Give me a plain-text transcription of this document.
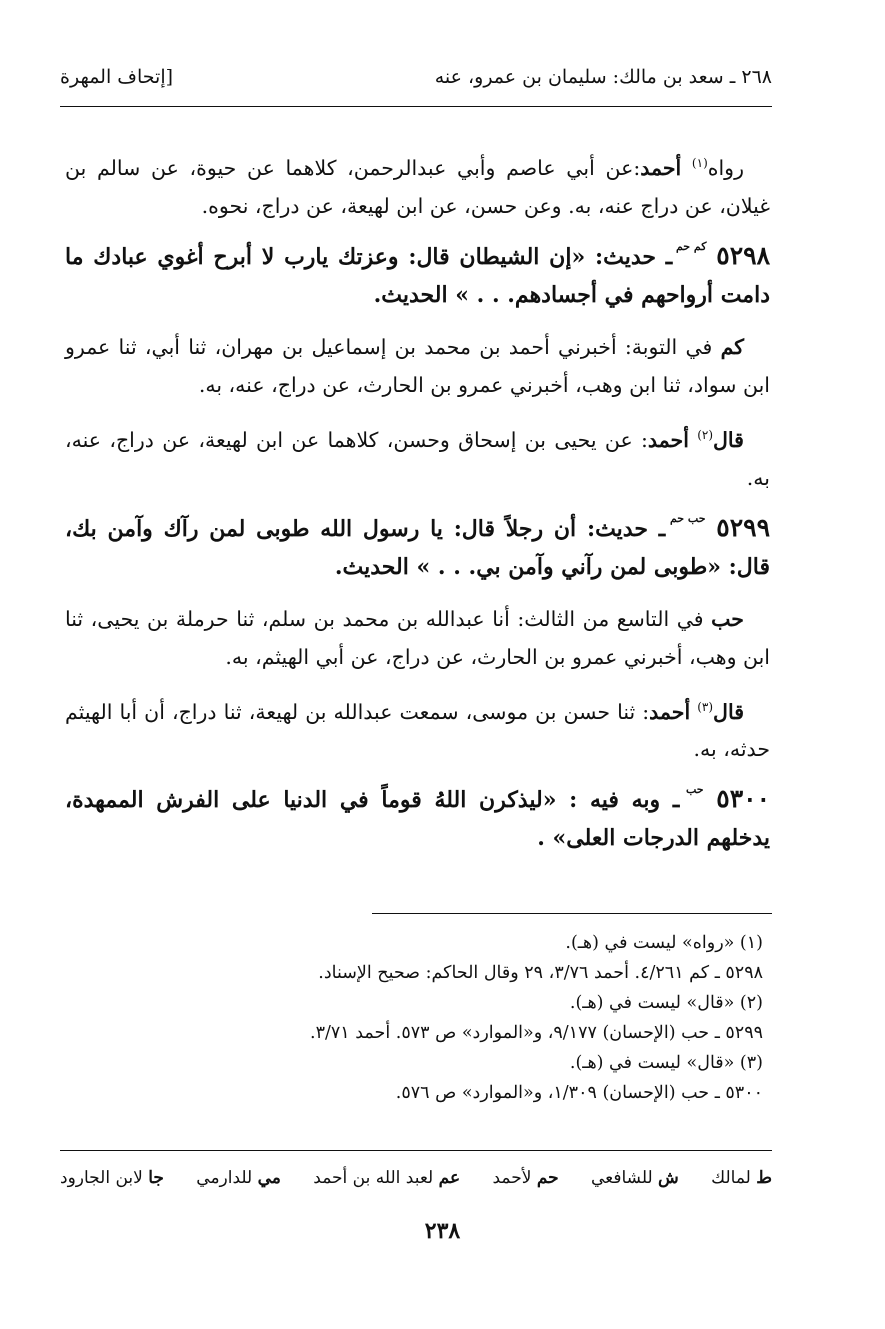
٢٦٨ ـ سعد بن مالك: سليمان بن عمرو، عنه
[إتحاف المهرة

رواه$^{(١)}$ أحمد:عن أبي عاصم وأبي عبدالرحمن، كلاهما عن حيوة، عن سالم بن غيلان، عن دراج عنه، به. وعن حسن، عن ابن لهيعة، عن دراج، نحوه.

٥٢٩٨ كم حم ـ حديث: «إن الشيطان قال: وعزتك يارب لا أبرح أغوي عبادك ما دامت أرواحهم في أجسادهم. . . » الحديث.

كم في التوبة: أخبرني أحمد بن محمد بن إسماعيل بن مهران، ثنا أبي، ثنا عمرو ابن سواد، ثنا ابن وهب، أخبرني عمرو بن الحارث، عن دراج، عنه، به.

قال$^{(٢)}$ أحمد: عن يحيى بن إسحاق وحسن، كلاهما عن ابن لهيعة، عن دراج، عنه، به.

٥٢٩٩ حب حم ـ حديث: أن رجلاً قال: يا رسول الله طوبى لمن رآك وآمن بك، قال: «طوبى لمن رآني وآمن بي. . . » الحديث.

حب في التاسع من الثالث: أنا عبدالله بن محمد بن سلم، ثنا حرملة بن يحيى، ثنا ابن وهب، أخبرني عمرو بن الحارث، عن دراج، عن أبي الهيثم، به.

قال$^{(٣)}$ أحمد: ثنا حسن بن موسى، سمعت عبدالله بن لهيعة، ثنا دراج، أن أبا الهيثم حدثه، به.

٥٣٠٠ حب ـ وبه فيه : «ليذكرن اللهُ قوماً في الدنيا على الفرش الممهدة، يدخلهم الدرجات العلى» .

(١) «رواه» ليست في (هـ).
٥٢٩٨ ـ كم ٤/٢٦١. أحمد ٣/٧٦، ٢٩ وقال الحاكم: صحيح الإسناد.
(٢) «قال» ليست في (هـ).
٥٢٩٩ ـ حب (الإحسان) ٩/١٧٧، و«الموارد» ص ٥٧٣. أحمد ٣/٧١.
(٣) «قال» ليست في (هـ).
٥٣٠٠ ـ حب (الإحسان) ١/٣٠٩، و«الموارد» ص ٥٧٦.
ط لمالك
ش للشافعي
حم لأحمد
عم لعبد الله بن أحمد
مي للدارمي
جا لابن الجارود
٢٣٨
